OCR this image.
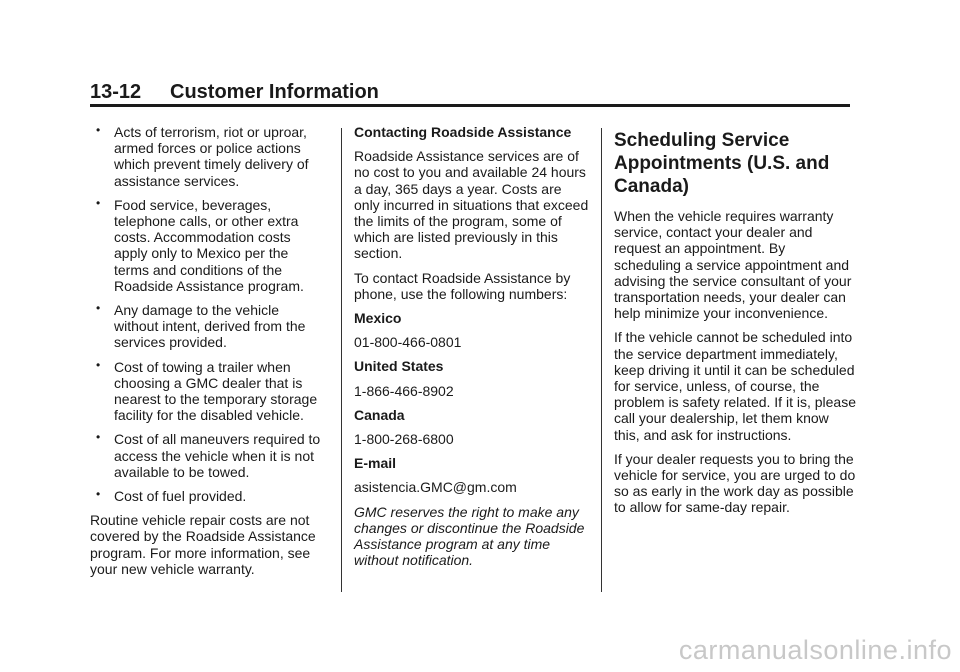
13-12 Customer Information
• Acts of terrorism, riot or uproar, armed forces or police actions which prevent timely delivery of assistance services.
• Food service, beverages, telephone calls, or other extra costs. Accommodation costs apply only to Mexico per the terms and conditions of the Roadside Assistance program.
• Any damage to the vehicle without intent, derived from the services provided.
• Cost of towing a trailer when choosing a GMC dealer that is nearest to the temporary storage facility for the disabled vehicle.
• Cost of all maneuvers required to access the vehicle when it is not available to be towed.
• Cost of fuel provided.

Routine vehicle repair costs are not covered by the Roadside Assistance program. For more information, see your new vehicle warranty.

Contacting Roadside Assistance

Roadside Assistance services are of no cost to you and available 24 hours a day, 365 days a year. Costs are only incurred in situations that exceed the limits of the program, some of which are listed previously in this section.

To contact Roadside Assistance by phone, use the following numbers:

Mexico

01-800-466-0801

United States

1-866-466-8902

Canada

1-800-268-6800

E-mail

asistencia.GMC@gm.com

GMC reserves the right to make any changes or discontinue the Roadside Assistance program at any time without notification.

Scheduling Service Appointments (U.S. and Canada)

When the vehicle requires warranty service, contact your dealer and request an appointment. By scheduling a service appointment and advising the service consultant of your transportation needs, your dealer can help minimize your inconvenience.

If the vehicle cannot be scheduled into the service department immediately, keep driving it until it can be scheduled for service, unless, of course, the problem is safety related. If it is, please call your dealership, let them know this, and ask for instructions.

If your dealer requests you to bring the vehicle for service, you are urged to do so as early in the work day as possible to allow for same-day repair.

carmanualsonline.info
